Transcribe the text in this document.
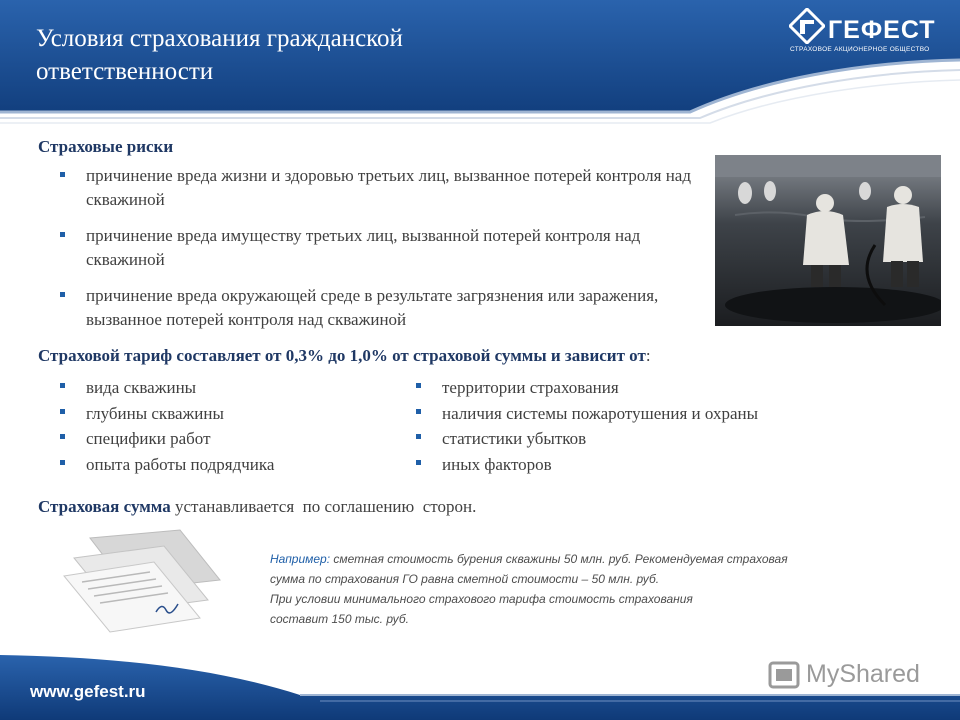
Условия страхования гражданской
ответственности
ГЕФЕСТ
СТРАХОВОЕ АКЦИОНЕРНОЕ ОБЩЕСТВО
Страховые риски
причинение вреда жизни и здоровью третьих лиц, вызванное потерей контроля над скважиной
причинение вреда имуществу третьих лиц, вызванной потерей контроля над скважиной
причинение вреда окружающей среде в результате загрязнения или заражения, вызванное потерей контроля над скважиной
Страховой тариф составляет от 0,3% до 1,0% от страховой суммы и зависит от:
вида скважины
глубины скважины
специфики работ
опыта работы подрядчика
территории страхования
наличия системы пожаротушения и охраны
статистики убытков
иных факторов
Страховая сумма устанавливается  по соглашению  сторон.
Например: сметная стоимость бурения скважины 50 млн. руб. Рекомендуемая страховая
сумма по страхования ГО равна сметной стоимости – 50 млн. руб.
При условии минимального страхового тарифа стоимость страхования
составит 150 тыс. руб.
www.gefest.ru
MyShared
